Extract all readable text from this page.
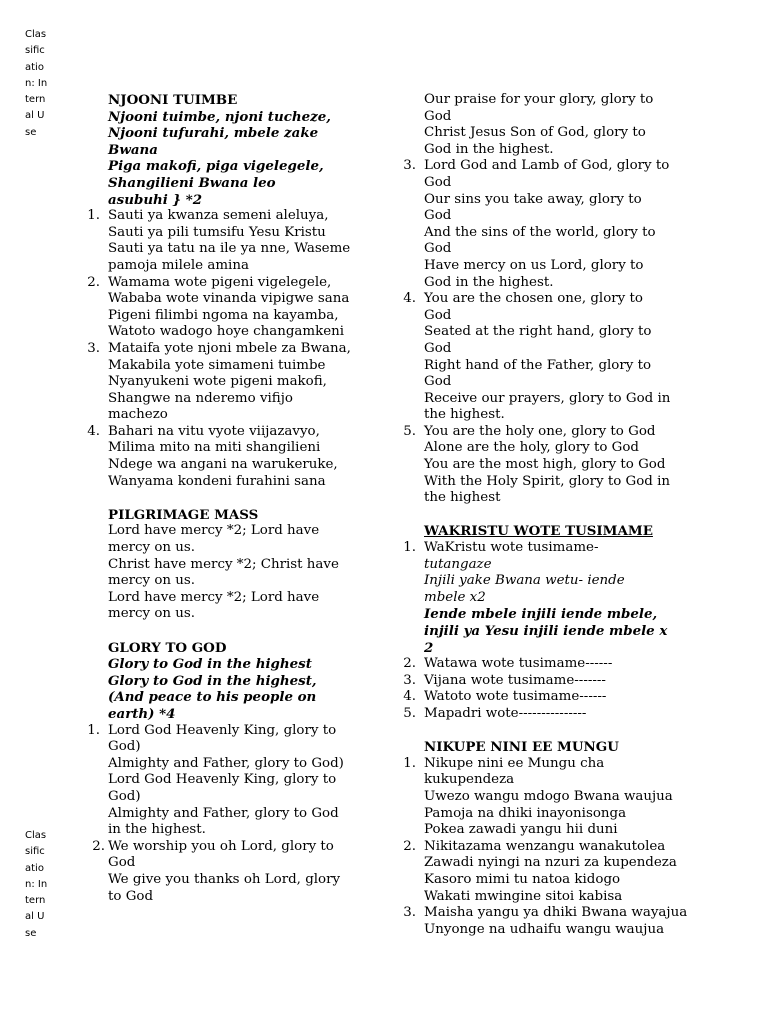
Classification: Internal Use
Classification: Internal Use
NJOONI TUIMBE
Njooni tuimbe, njoni tucheze,
Njooni tufurahi, mbele zake
Bwana
Piga makofi, piga vigelegele,
Shangilieni Bwana leo
asubuhi } *2
1. Sauti ya kwanza semeni aleluya,
Sauti ya pili tumsifu Yesu Kristu
Sauti ya tatu na ile ya nne, Waseme
pamoja milele amina
2. Wamama wote pigeni vigelegele,
Wababa wote vinanda vipigwe sana
Pigeni filimbi ngoma na kayamba,
Watoto wadogo hoye changamkeni
3. Mataifa yote njoni mbele za Bwana,
Makabila yote simameni tuimbe
Nyanyukeni wote pigeni makofi,
Shangwe na nderemo vifijo
machezo
4. Bahari na vitu vyote viijazavyo,
Milima mito na miti shangilieni
Ndege wa angani na warukeruke,
Wanyama kondeni furahini sana
PILGRIMAGE MASS
Lord have mercy *2; Lord have
mercy on us.
Christ have mercy *2; Christ have
mercy on us.
Lord have mercy *2; Lord have
mercy on us.
GLORY TO GOD
Glory to God in the highest
Glory to God in the highest,
(And peace to his people on
earth) *4
1. Lord God Heavenly King, glory to
God)
Almighty and Father, glory to God)
Lord God Heavenly King, glory to
God)
Almighty and Father, glory to God
in the highest.
2. We worship you oh Lord, glory to
God
We give you thanks oh Lord, glory
to God
Our praise for your glory, glory to
God
Christ Jesus Son of God, glory to
God in the highest.
3. Lord God and Lamb of God, glory to
God
Our sins you take away, glory to
God
And the sins of the world, glory to
God
Have mercy on us Lord, glory to
God in the highest.
4. You are the chosen one, glory to
God
Seated at the right hand, glory to
God
Right hand of the Father, glory to
God
Receive our prayers, glory to God in
the highest.
5. You are the holy one, glory to God
Alone are the holy, glory to God
You are the most high, glory to God
With the Holy Spirit, glory to God in
the highest
WAKRISTU WOTE TUSIMAME
1. WaKristu wote tusimame-
tutangaze
Injili yake Bwana wetu- iende
mbele x2
Iende mbele injili iende mbele,
injili ya Yesu injili iende mbele x
2
2. Watawa wote tusimame------
3. Vijana wote tusimame-------
4. Watoto wote tusimame------
5. Mapadri wote---------------
NIKUPE NINI EE MUNGU
1. Nikupe nini ee Mungu cha kukupendeza
Uwezo wangu mdogo Bwana waujua
Pamoja na dhiki inayonisonga
Pokea zawadi yangu hii duni
2. Nikitazama wenzangu wanakutolea
Zawadi nyingi na nzuri za kupendeza
Kasoro mimi tu natoa kidogo
Wakati mwingine sitoi kabisa
3. Maisha yangu ya dhiki Bwana wayajua
Unyonge na udhaifu wangu waujua
